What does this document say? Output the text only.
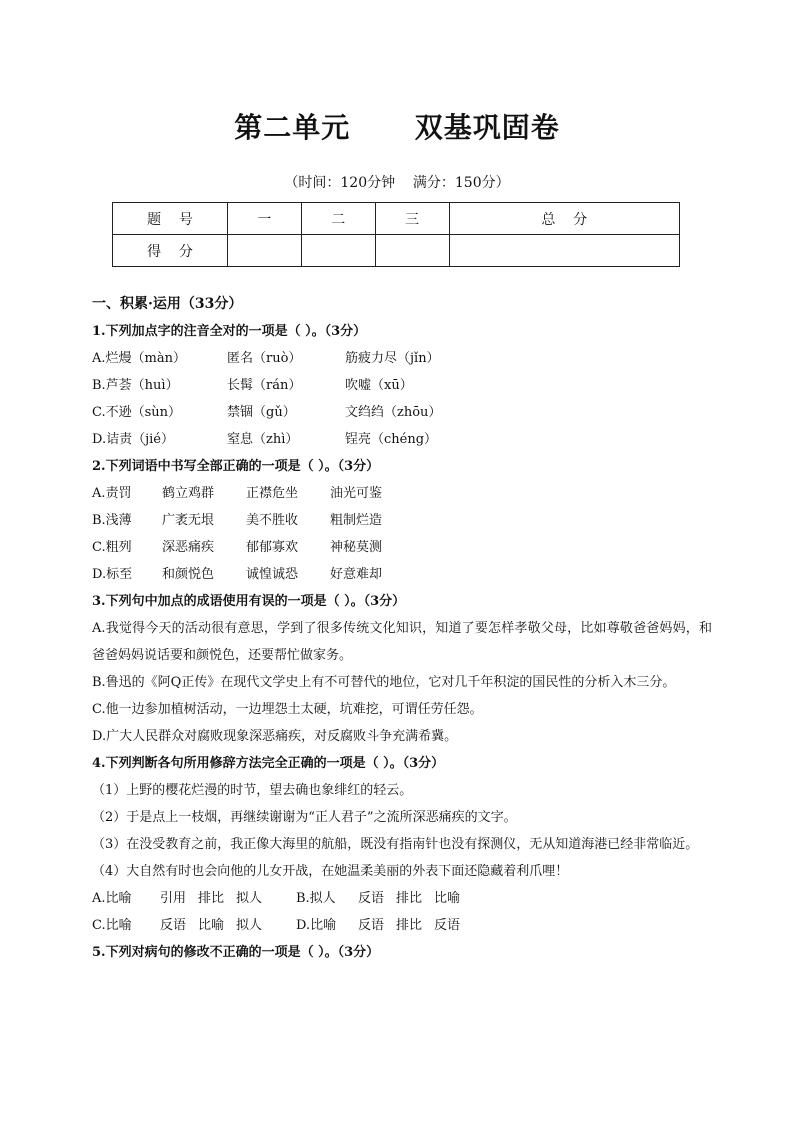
第二单元      双基巩固卷
（时间：120分钟    满分：150分）
题    号	一	二	三	总    分
得    分				
一、积累·运用（33分）
1.下列加点字的注音全对的一项是（ ）。（3分）
A.烂熳（màn）	匿名（ruò）	筋疲力尽（jǐn）
B.芦荟（huì）	长髯（rán）	吹嘘（xū）
C.不逊（sùn）	禁锢（gǔ）	文绉绉（zhōu）
D.诘责（jié）	窒息（zhì）	锃亮（chéng）
2.下列词语中书写全部正确的一项是（ ）。（3分）
A.责罚 鹤立鸡群 正襟危坐 油光可鉴
B.浅薄 广袤无垠 美不胜收 粗制烂造
C.粗列 深恶痛疾 郁郁寡欢 神秘莫测
D.标至 和颜悦色 诚惶诚恐 好意难却
3.下列句中加点的成语使用有误的一项是（ ）。（3分）
A.我觉得今天的活动很有意思，学到了很多传统文化知识，知道了要怎样孝敬父母，比如尊敬爸爸妈妈，和爸爸妈妈说话要和颜悦色，还要帮忙做家务。
B.鲁迅的《阿Q正传》在现代文学史上有不可替代的地位，它对几千年积淀的国民性的分析入木三分。
C.他一边参加植树活动，一边埋怨土太硬，坑难挖，可谓任劳任怨。
D.广大人民群众对腐败现象深恶痛疾，对反腐败斗争充满希冀。
4.下列判断各句所用修辞方法完全正确的一项是（ ）。（3分）
（1）上野的樱花烂漫的时节，望去确也象绯红的轻云。
（2）于是点上一枝烟，再继续谢谢为“正人君子”之流所深恶痛疾的文字。
（3）在没受教育之前，我正像大海里的航船，既没有指南针也没有探测仪，无从知道海港已经非常临近。
（4）大自然有时也会向他的儿女开战，在她温柔美丽的外表下面还隐藏着利爪哩！
A.比喻 引用 排比 拟人	B.拟人 反语 排比 比喻
C.比喻 反语 比喻 拟人	D.比喻 反语 排比 反语
5.下列对病句的修改不正确的一项是（ ）。（3分）
